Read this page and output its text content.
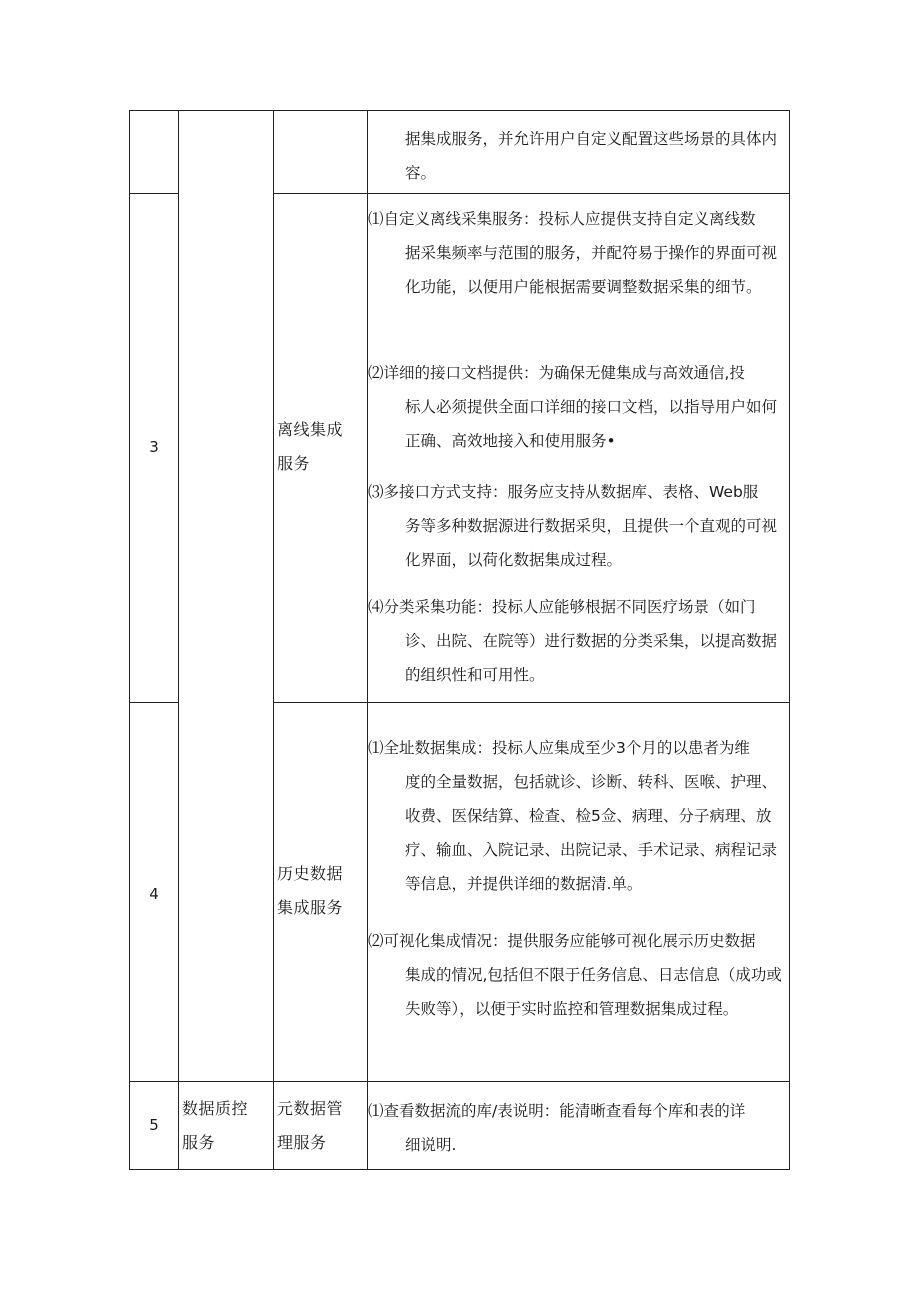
据集成服务，并允许用户自定义配置这些场景的具体内容。

3
离线集成
服务
⑴自定义离线采集服务：投标人应提供支持自定义离线数
据采集频率与范围的服务，并配符易于操作的界面可视化功能，以便用户能根据需要调整数据采集的细节。
⑵详细的接口文档提供：为确保无健集成与高效通信,投
标人必须提供全面口详细的接口文档，以指导用户如何正确、高效地接入和使用服务•
⑶多接口方式支持：服务应支持从数据库、表格、Web服
务等多种数据源进行数据采臾，且提供一个直观的可视化界面，以荷化数据集成过程。
⑷分类采集功能：投标人应能够根据不同医疗场景（如门
诊、出院、在院等）进行数据的分类采集，以提高数据的组织性和可用性。
4
历史数据
集成服务
⑴全址数据集成：投标人应集成至少3个月的以患者为维
度的全量数据，包括就诊、诊断、转科、医喉、护理、收费、医保结算、检查、检5佥、病理、分子病理、放疗、输血、入院记录、出院记录、手术记录、病程记录等信息，并提供详细的数据清.单。
⑵可视化集成情况：提供服务应能够可视化展示历史数据
集成的情况,包括但不限于任务信息、日志信息（成功或失败等），以便于实时监控和管理数据集成过程。
5
数据质控
服务
元数据管
理服务
⑴查看数据流的库/表说明：能清晰查看每个库和表的详
细说明.
